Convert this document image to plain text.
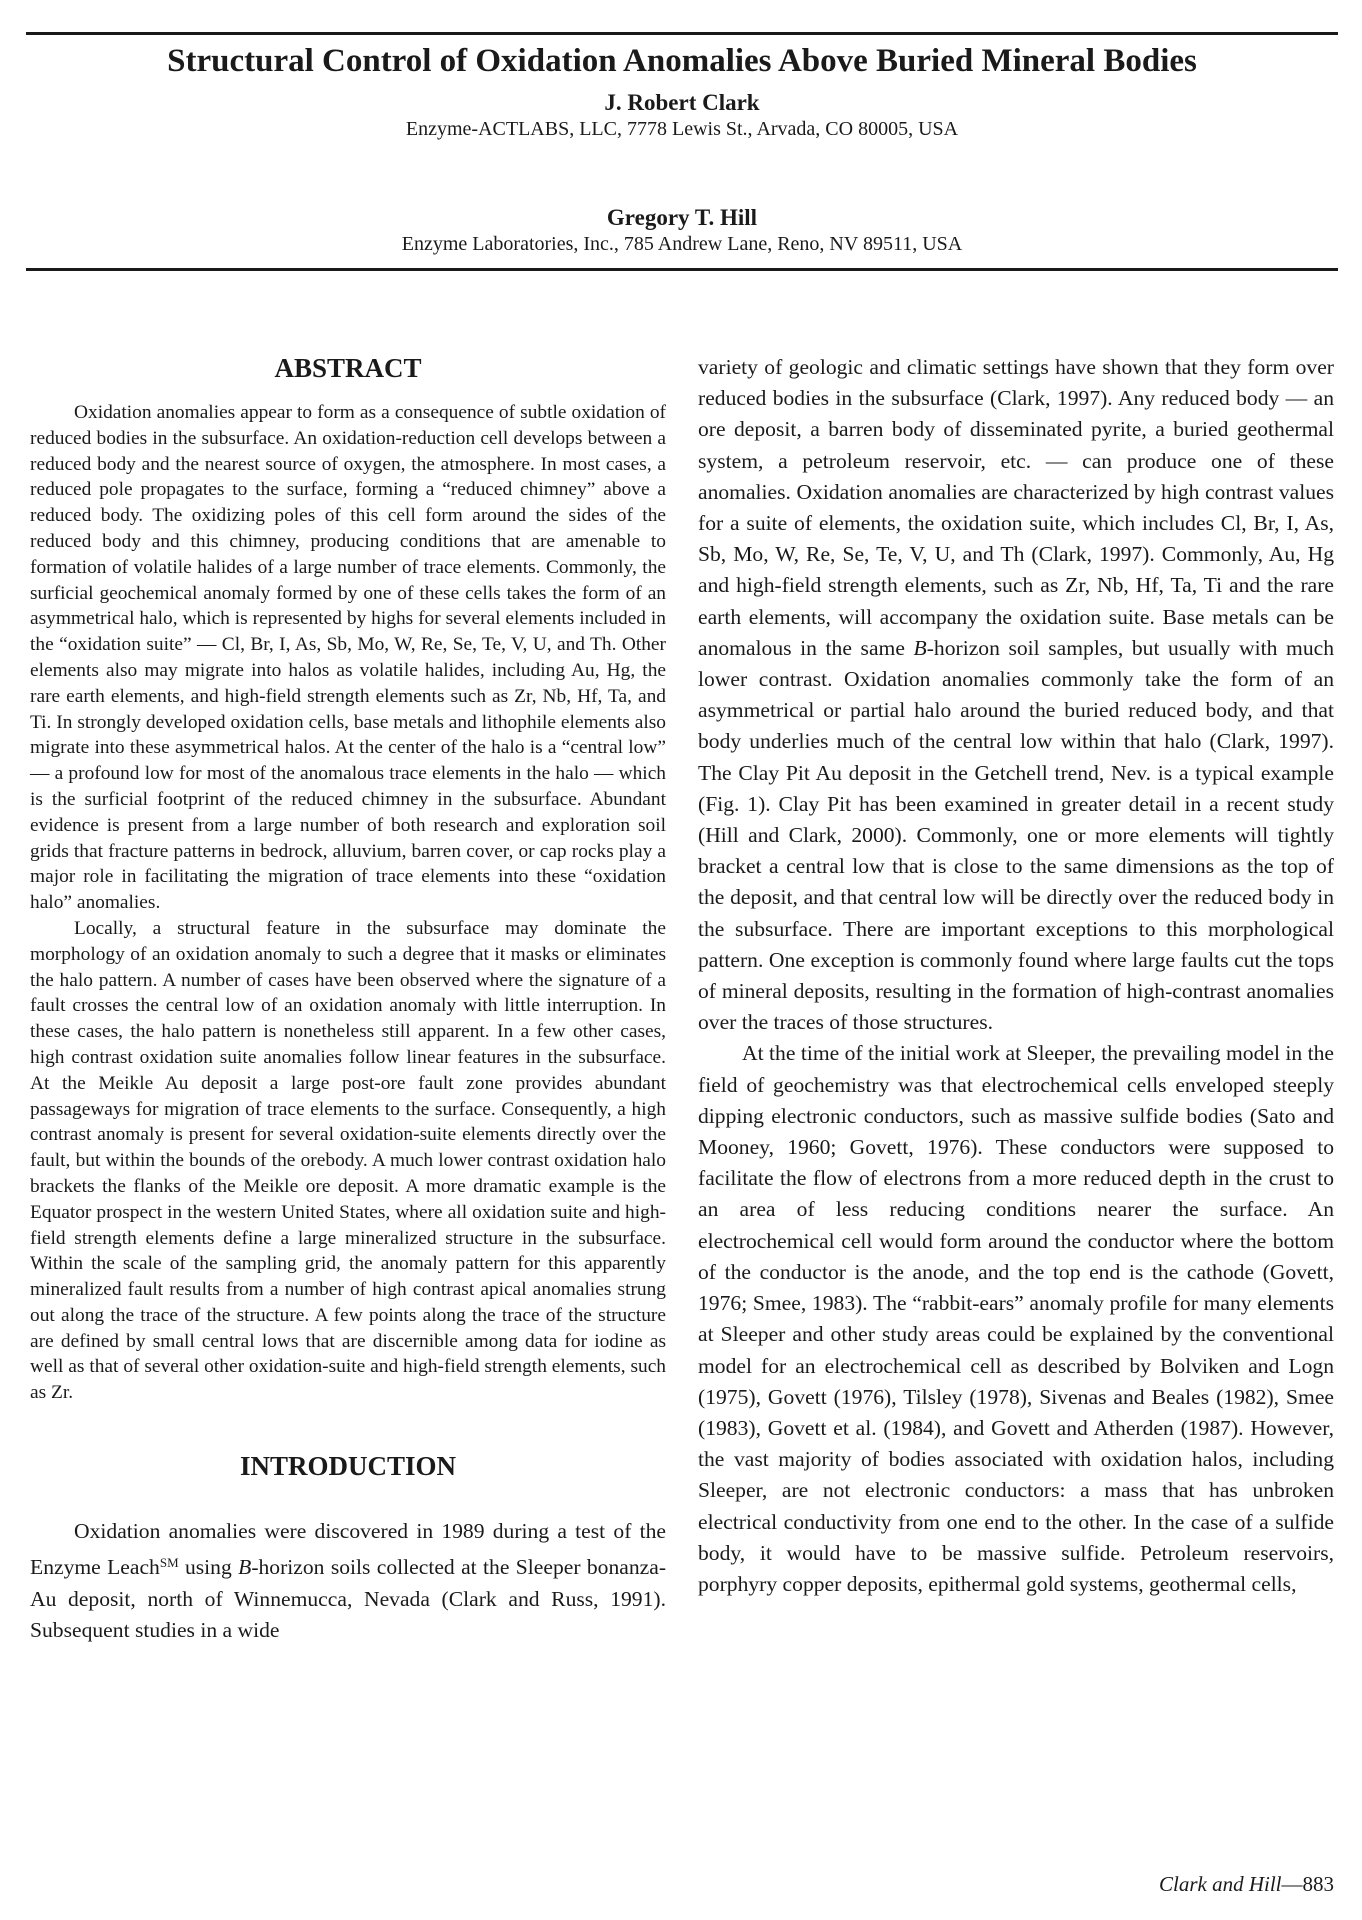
Structural Control of Oxidation Anomalies Above Buried Mineral Bodies
J. Robert Clark
Enzyme-ACTLABS, LLC, 7778 Lewis St., Arvada, CO 80005, USA
Gregory T. Hill
Enzyme Laboratories, Inc., 785 Andrew Lane, Reno, NV 89511, USA
ABSTRACT

Oxidation anomalies appear to form as a consequence of subtle oxidation of reduced bodies in the subsurface. An oxidation-reduction cell develops between a reduced body and the nearest source of oxygen, the atmosphere. In most cases, a reduced pole propagates to the surface, forming a “reduced chimney” above a reduced body. The oxidizing poles of this cell form around the sides of the reduced body and this chimney, producing conditions that are amenable to formation of volatile halides of a large number of trace elements. Commonly, the surficial geochemical anomaly formed by one of these cells takes the form of an asymmetrical halo, which is represented by highs for several elements included in the “oxidation suite” — Cl, Br, I, As, Sb, Mo, W, Re, Se, Te, V, U, and Th. Other elements also may migrate into halos as volatile halides, including Au, Hg, the rare earth elements, and high-field strength elements such as Zr, Nb, Hf, Ta, and Ti. In strongly developed oxidation cells, base metals and lithophile elements also migrate into these asymmetrical halos. At the center of the halo is a “central low” — a profound low for most of the anomalous trace elements in the halo — which is the surficial footprint of the reduced chimney in the subsurface. Abundant evidence is present from a large number of both research and exploration soil grids that fracture patterns in bedrock, alluvium, barren cover, or cap rocks play a major role in facilitating the migration of trace elements into these “oxidation halo” anomalies.

Locally, a structural feature in the subsurface may dominate the morphology of an oxidation anomaly to such a degree that it masks or eliminates the halo pattern. A number of cases have been observed where the signature of a fault crosses the central low of an oxidation anomaly with little interruption. In these cases, the halo pattern is nonetheless still apparent. In a few other cases, high contrast oxidation suite anomalies follow linear features in the subsurface. At the Meikle Au deposit a large post-ore fault zone provides abundant passageways for migration of trace elements to the surface. Consequently, a high contrast anomaly is present for several oxidation-suite elements directly over the fault, but within the bounds of the orebody. A much lower contrast oxidation halo brackets the flanks of the Meikle ore deposit. A more dramatic example is the Equator prospect in the western United States, where all oxidation suite and high-field strength elements define a large mineralized structure in the subsurface. Within the scale of the sampling grid, the anomaly pattern for this apparently mineralized fault results from a number of high contrast apical anomalies strung out along the trace of the structure. A few points along the trace of the structure are defined by small central lows that are discernible among data for iodine as well as that of several other oxidation-suite and high-field strength elements, such as Zr.

INTRODUCTION

Oxidation anomalies were discovered in 1989 during a test of the Enzyme Leach℠ using B-horizon soils collected at the Sleeper bonanza-Au deposit, north of Winnemucca, Nevada (Clark and Russ, 1991). Subsequent studies in a wide

variety of geologic and climatic settings have shown that they form over reduced bodies in the subsurface (Clark, 1997). Any reduced body — an ore deposit, a barren body of disseminated pyrite, a buried geothermal system, a petroleum reservoir, etc. — can produce one of these anomalies. Oxidation anomalies are characterized by high contrast values for a suite of elements, the oxidation suite, which includes Cl, Br, I, As, Sb, Mo, W, Re, Se, Te, V, U, and Th (Clark, 1997). Commonly, Au, Hg and high-field strength elements, such as Zr, Nb, Hf, Ta, Ti and the rare earth elements, will accompany the oxidation suite. Base metals can be anomalous in the same B-horizon soil samples, but usually with much lower contrast. Oxidation anomalies commonly take the form of an asymmetrical or partial halo around the buried reduced body, and that body underlies much of the central low within that halo (Clark, 1997). The Clay Pit Au deposit in the Getchell trend, Nev. is a typical example (Fig. 1). Clay Pit has been examined in greater detail in a recent study (Hill and Clark, 2000). Commonly, one or more elements will tightly bracket a central low that is close to the same dimensions as the top of the deposit, and that central low will be directly over the reduced body in the subsurface. There are important exceptions to this morphological pattern. One exception is commonly found where large faults cut the tops of mineral deposits, resulting in the formation of high-contrast anomalies over the traces of those structures.

At the time of the initial work at Sleeper, the prevailing model in the field of geochemistry was that electrochemical cells enveloped steeply dipping electronic conductors, such as massive sulfide bodies (Sato and Mooney, 1960; Govett, 1976). These conductors were supposed to facilitate the flow of electrons from a more reduced depth in the crust to an area of less reducing conditions nearer the surface. An electrochemical cell would form around the conductor where the bottom of the conductor is the anode, and the top end is the cathode (Govett, 1976; Smee, 1983). The “rabbit-ears” anomaly profile for many elements at Sleeper and other study areas could be explained by the conventional model for an electrochemical cell as described by Bolviken and Logn (1975), Govett (1976), Tilsley (1978), Sivenas and Beales (1982), Smee (1983), Govett et al. (1984), and Govett and Atherden (1987). However, the vast majority of bodies associated with oxidation halos, including Sleeper, are not electronic conductors: a mass that has unbroken electrical conductivity from one end to the other. In the case of a sulfide body, it would have to be massive sulfide. Petroleum reservoirs, porphyry copper deposits, epithermal gold systems, geothermal cells,

Clark and Hill—883
